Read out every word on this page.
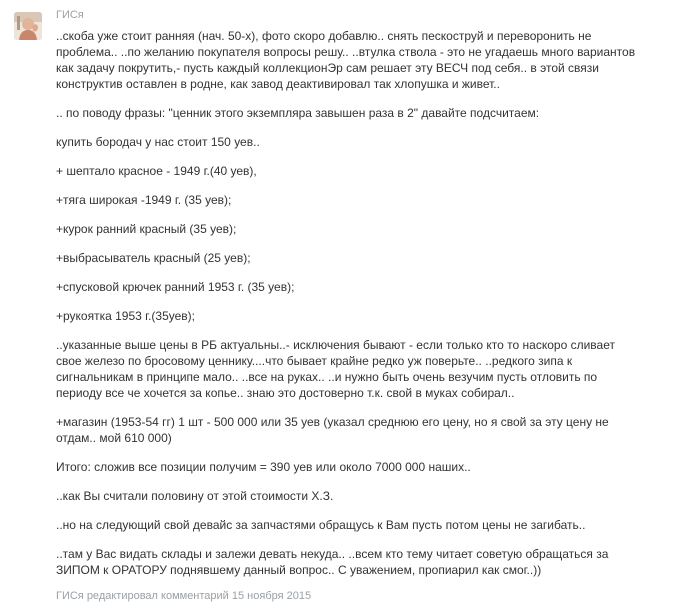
ГИСя

..скоба уже стоит ранняя (нач. 50-х), фото скоро добавлю.. снять пескоструй и переворонить не проблема.. ..по желанию покупателя вопросы решу.. ..втулка ствола - это не угадаешь много вариантов как задачу покрутить,- пусть каждый коллекционЭр сам решает эту ВЕСЧ под себя.. в этой связи конструктив оставлен в родне, как завод деактивировал так хлопушка и живет..

.. по поводу фразы: "ценник этого экземпляра завышен раза в 2" давайте подсчитаем:

купить бородач у нас стоит 150 уев..

+ шептало красное - 1949 г.(40 уев),

+тяга широкая -1949 г. (35 уев);

+курок ранний красный (35 уев);

+выбрасыватель красный (25 уев);

+спусковой крючек ранний 1953 г. (35 уев);

+рукоятка 1953 г.(35уев);

..указанные выше цены в РБ актуальны..- исключения бывают - если только кто то наскоро сливает свое железо по бросовому ценнику....что бывает крайне редко уж поверьте.. ..редкого зипа к сигнальникам в принципе мало.. ..все на руках.. ..и нужно быть очень везучим пусть отловить по периоду все че хочется за копье.. знаю это достоверно т.к. свой в мукаx собирал..

+магазин (1953-54 гг) 1 шт - 500 000 или 35 уев (указал среднюю его цену, но я свой за эту цену не отдам.. мой 610 000)

Итого: сложив все позиции получим = 390 уев или около 7000 000 наших..

..как Вы считали половину от этой стоимости Х.З.

..но на следующий свой девайс за запчастями обращусь к Вам пусть потом цены не загибать..

..там у Вас видать склады и залежи девать некуда.. ..всем кто тему читает советую обращаться за ЗИПОМ к ОРАТОРУ поднявшему данный вопрос.. С уважением, пропиарил как смог..))

ГИСя редактировал комментарий 15 ноября 2015
